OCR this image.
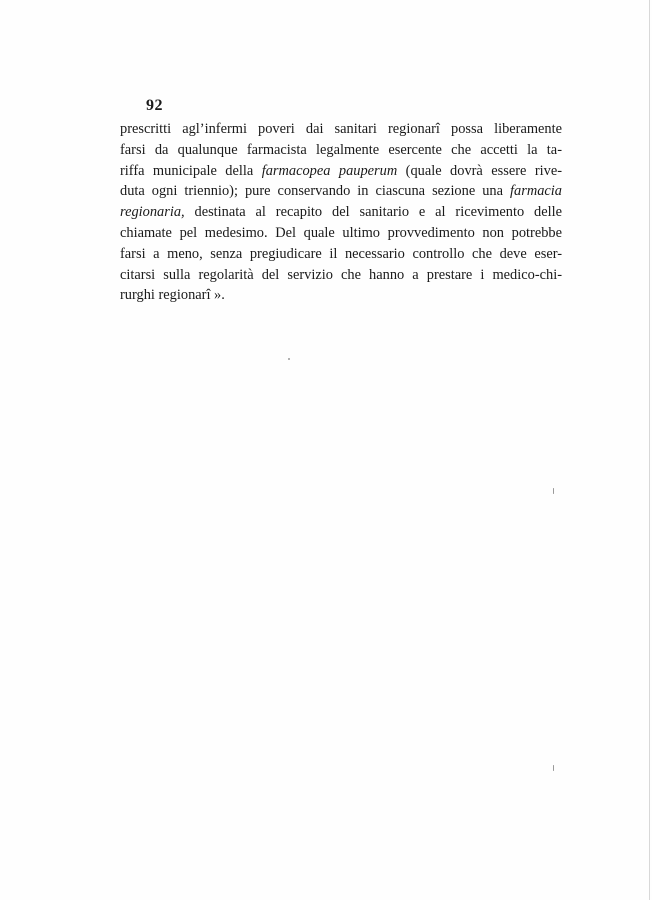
92
prescritti agl’infermi poveri dai sanitari regionarî possa liberamente
farsi da qualunque farmacista legalmente esercente che accetti la ta-
riffa municipale della farmacopea pauperum (quale dovrà essere rive-
duta ogni triennio); pure conservando in ciascuna sezione una farmacia
regionaria, destinata al recapito del sanitario e al ricevimento delle
chiamate pel medesimo. Del quale ultimo provvedimento non potrebbe
farsi a meno, senza pregiudicare il necessario controllo che deve eser-
citarsi sulla regolarità del servizio che hanno a prestare i medico-chi-
rurghi regionarî ».
